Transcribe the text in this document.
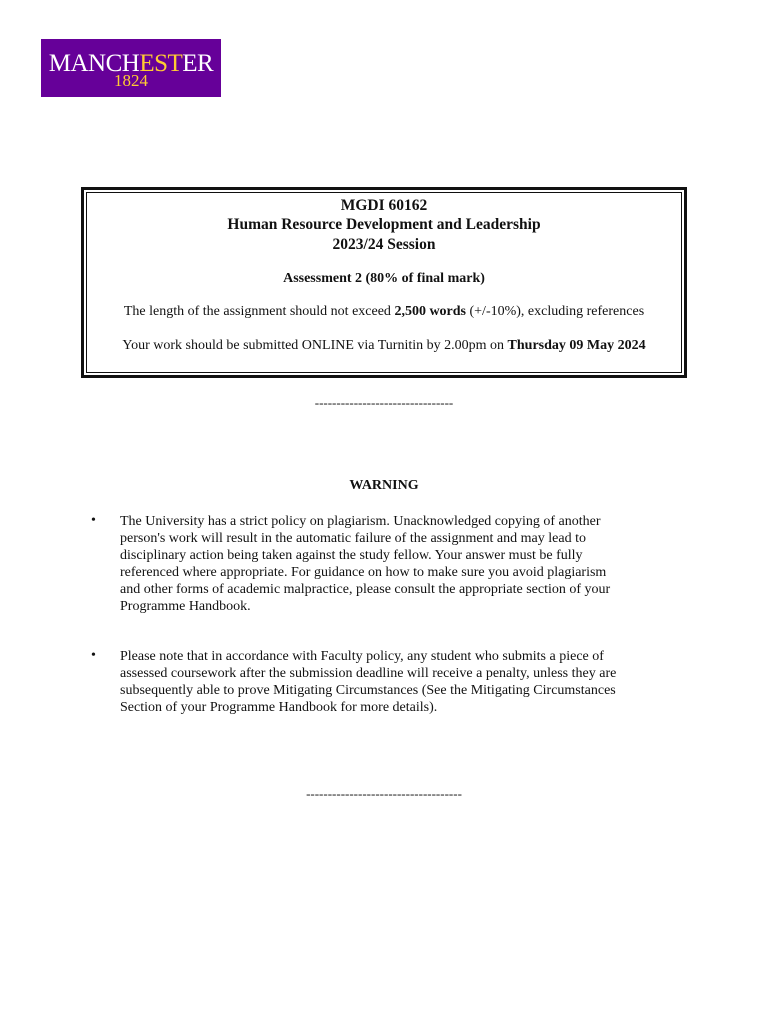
MANCHESTER
1824
MGDI 60162
Human Resource Development and Leadership
2023/24 Session
Assessment 2 (80% of final mark)
The length of the assignment should not exceed 2,500 words (+/-10%), excluding references
Your work should be submitted ONLINE via Turnitin by 2.00pm on Thursday 09 May 2024
--------------------------------
WARNING
• The University has a strict policy on plagiarism. Unacknowledged copying of another
person's work will result in the automatic failure of the assignment and may lead to
disciplinary action being taken against the study fellow. Your answer must be fully
referenced where appropriate. For guidance on how to make sure you avoid plagiarism
and other forms of academic malpractice, please consult the appropriate section of your
Programme Handbook.
• Please note that in accordance with Faculty policy, any student who submits a piece of
assessed coursework after the submission deadline will receive a penalty, unless they are
subsequently able to prove Mitigating Circumstances (See the Mitigating Circumstances
Section of your Programme Handbook for more details).
------------------------------------
